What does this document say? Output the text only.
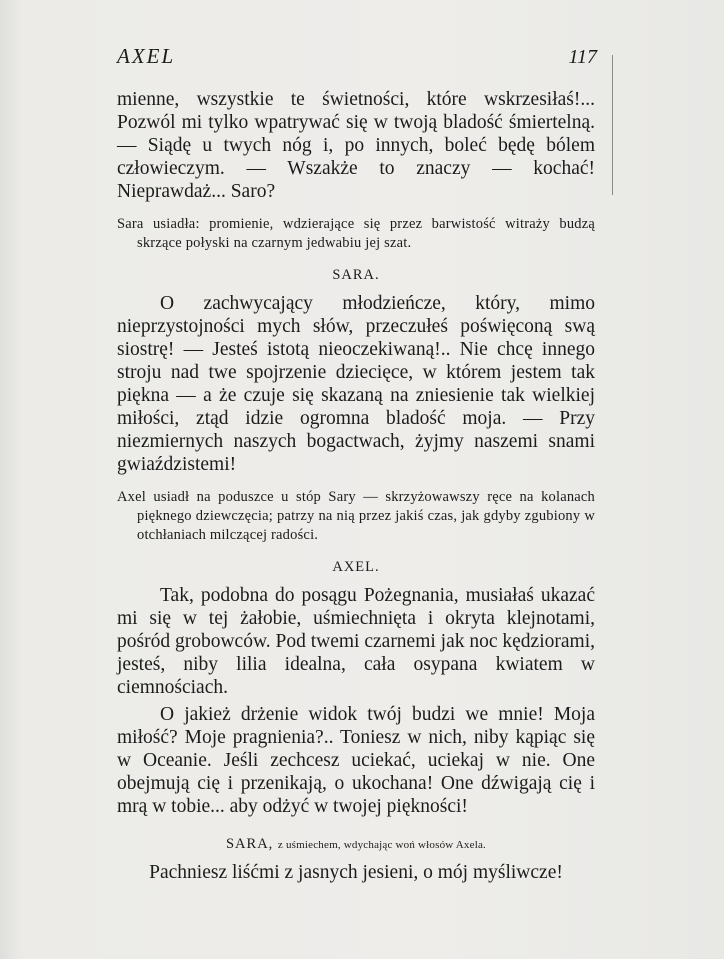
AXEL	117

mienne, wszystkie te świetności, które wskrzesiłaś!... Pozwól mi tylko wpatrywać się w twoją bladość śmiertelną. — Siądę u twych nóg i, po innych, boleć będę bólem człowieczym. — Wszakże to znaczy — kochać! Nieprawdaż... Saro?

Sara usiadła: promienie, wdzierające się przez barwistość witraży budzą skrzące połyski na czarnym jedwabiu jej szat.

SARA.

O zachwycający młodzieńcze, który, mimo nieprzystojności mych słów, przeczułeś poświęconą swą siostrę! — Jesteś istotą nieoczekiwaną!.. Nie chcę innego stroju nad twe spojrzenie dziecięce, w którem jestem tak piękna — a że czuje się skazaną na zniesienie tak wielkiej miłości, ztąd idzie ogromna bladość moja. — Przy niezmiernych naszych bogactwach, żyjmy naszemi snami gwiaździstemi!

Axel usiadł na poduszce u stóp Sary — skrzyżowawszy ręce na kolanach pięknego dziewczęcia; patrzy na nią przez jakiś czas, jak gdyby zgubiony w otchłaniach milczącej radości.

AXEL.

Tak, podobna do posągu Pożegnania, musiałaś ukazać mi się w tej żałobie, uśmiechnięta i okryta klejnotami, pośród grobowców. Pod twemi czarnemi jak noc kędziorami, jesteś, niby lilia idealna, cała osypana kwiatem w ciemnościach.

O jakież drżenie widok twój budzi we mnie! Moja miłość? Moje pragnienia?.. Toniesz w nich, niby kąpiąc się w Oceanie. Jeśli zechcesz uciekać, uciekaj w nie. One obejmują cię i przenikają, o ukochana! One dźwigają cię i mrą w tobie... aby odżyć w twojej piękności!

SARA, z uśmiechem, wdychając woń włosów Axela.

Pachniesz liśćmi z jasnych jesieni, o mój myśliwcze!
